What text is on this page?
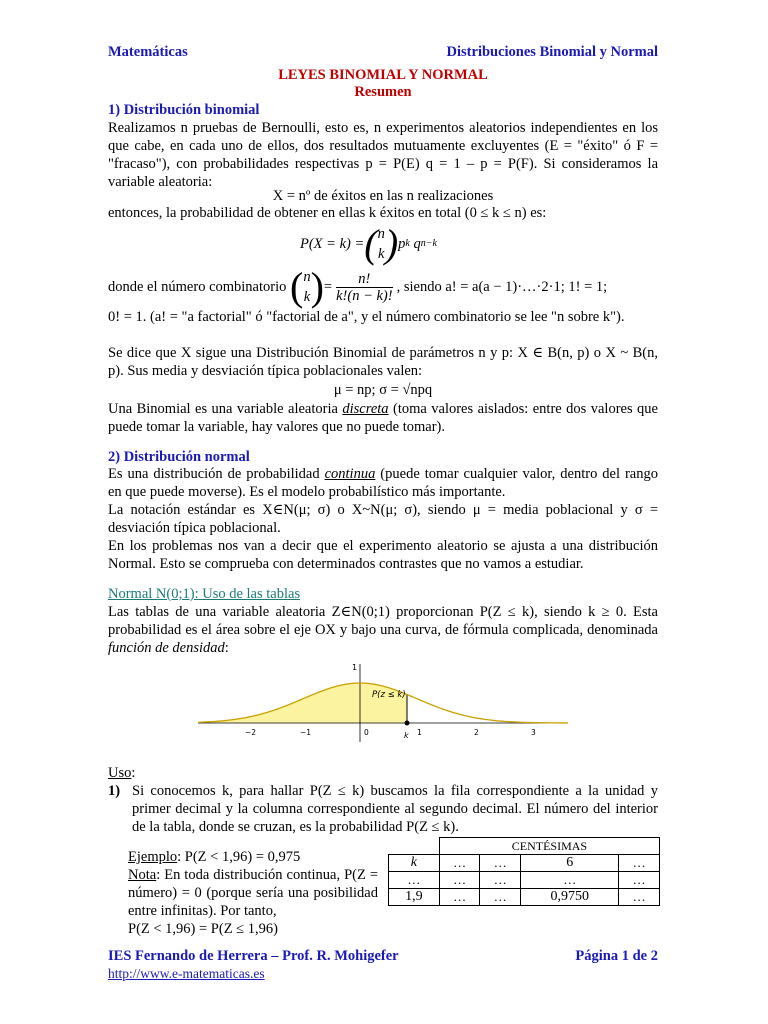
Matemáticas	Distribuciones Binomial y Normal
LEYES BINOMIAL Y NORMAL
Resumen
1) Distribución binomial
Realizamos n pruebas de Bernoulli, esto es, n experimentos aleatorios independientes en los que cabe, en cada uno de ellos, dos resultados mutuamente excluyentes (E = "éxito" ó F = "fracaso"), con probabilidades respectivas p = P(E) q = 1 – p = P(F). Si consideramos la variable aleatoria:
X = nº de éxitos en las n realizaciones
entonces, la probabilidad de obtener en ellas k éxitos en total (0 ≤ k ≤ n) es:
P(X = k) = ( n
k ) p k
q n−k
donde el número combinatorio
( n
k ) = $\frac{n!}{k!(n - k)!}$ , siendo a! = a(a − 1)·…·2·1; 1! = 1;
0! = 1. (a! = "a factorial" ó "factorial de a", y el número combinatorio se lee "n sobre k").
Se dice que X sigue una Distribución Binomial de parámetros n y p: X ∈ B(n, p) o X ~ B(n, p). Sus media y desviación típica poblacionales valen:
μ = np; σ = √npq
Una Binomial es una variable aleatoria discreta (toma valores aislados: entre dos valores que puede tomar la variable, hay valores que no puede tomar).
2) Distribución normal
Es una distribución de probabilidad continua (puede tomar cualquier valor, dentro del rango en que puede moverse). Es el modelo probabilístico más importante.
La notación estándar es X∈N(μ; σ) o X~N(μ; σ), siendo μ = media poblacional y σ = desviación típica poblacional.
En los problemas nos van a decir que el experimento aleatorio se ajusta a una distribución Normal. Esto se comprueba con determinados contrastes que no vamos a estudiar.
Normal N(0;1): Uso de las tablas
Las tablas de una variable aleatoria Z∈N(0;1) proporcionan P(Z ≤ k), siendo k ≥ 0. Esta probabilidad es el área sobre el eje OX y bajo una curva, de fórmula complicada, denominada función de densidad:
1
P(z ≤ k)
−2	−1	0	1	2	3
k
Uso:
1) Si conocemos k, para hallar P(Z ≤ k) buscamos la fila correspondiente a la unidad y primer decimal y la columna correspondiente al segundo decimal. El número del interior de la tabla, donde se cruzan, es la probabilidad P(Z ≤ k).
Ejemplo: P(Z < 1,96) = 0,975
Nota: En toda distribución continua, P(Z = número) = 0 (porque sería una posibilidad entre infinitas). Por tanto,
P(Z < 1,96) = P(Z ≤ 1,96)
	CENTÉSIMAS			
k	…	…	6	…
…	…	…	…	…
1,9	…	…	0,9750	…
IES Fernando de Herrera – Prof. R. Mohigefer	Página 1 de 2
http://www.e-matematicas.es
